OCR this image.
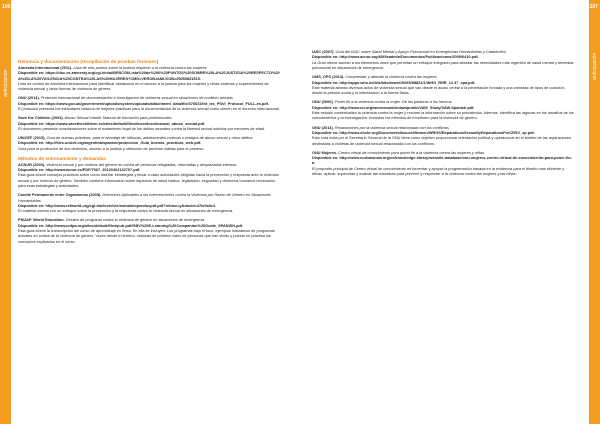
106
anticipación
107
anticipación
Denuncia y documentación (recopilación de pruebas forenses)

Amnistía Internacional (2011). Lista de seis puntos sobre la justicia respecto a la violencia contra las mujeres.

Disponible en: https://doc.es.amnesty.org/cgi-bin/ai/BRSCGI/Lista%20de%206%20PUNTOS%20SOBRE%20LA%20JUSTICIA%20RESPECTO%20A%20LA%20VIOLENCIA%20CONTRA%20LAS%20MUJERES?CMD=VEROBJ&MLKOB=29050831515.

Lista de control de Amnistía Internacional para identificar obstáculos en el acceso a la justicia para las mujeres y niñas víctimas y supervivientes de violencia sexual y otras formas de violencia de género.

ONU (2014). Protocolo internacional de documentación e investigación de violencia sexual en situaciones de conflicto armado.

Disponible en: https://www.gov.uk/government/uploads/system/uploads/attachment_data/file/376622/lnt_ies_PSVI_Protocol_FULL-es.pdf.

El protocolo presenta los estándares básicos de mejores prácticas para la documentación de la violencia sexual como crimen en el derecho internacional.

Save the Children (2004). Abuso Sexual Infantil: Manual de formación para profesionales.

Disponible en: https://www.savethechildren.es/sites/default/files/imce/docs/manual_abuso_sexual.pdf.

El documento presenta consideraciones sobre el tratamiento legal de los delitos sexuales contra la libertad sexual sufridos por menores de edad.

UNICEF (2015). Guía de buenas prácticas, para el abordaje de niños/as, adolescentes víctimas o testigos de abuso sexual y otros delitos.

Disponible en: http://files.unicef.org/argentina/spanish/proteccion_Guia_buenas_practicas_web.pdf.

Guía para la protección de sus derechos, acceso a la justicia y obtención de pruebas válidas para el proceso.

Métodos de entrenamiento y demandas

ACNUR (2003). Violencia sexual y por motivos del género en contra de personas refugiadas, retornadas y desplazadas internas.

Disponible en: http://www.acnur.es/PDF/7967_20120402132707.pdf.

Esta guía ofrece consejos prácticos sobre cómo diseñar estrategias y llevar a cabo actividades dirigidas hacia la prevención y respuesta ante la violencia sexual y por motivos de género. También contiene información sobre aspectos de salud básica, legislación, seguridad y derechos humanos necesarios para esas estrategias y actividades.

Comité Permanente entre Organismos (2005). Directrices Aplicables a las Intervenciones contra la Violencia por Razón de Género en Situaciones Humanitarias.

Disponible en: http://www.refworld.org/cgi-bin/texis/vtx/rwmain/opendocpdf.pdf?reldoc=y&docid=47fe0a3c2.

El material cuenta con un enfoque sobre la prevención y la respuesta contra la violencia sexual en situaciones de emergencia.

PNUAP. World Education. Gestión de programa contra la violencia de género en situaciones de emergencia.

Disponible en: http://www.unfpa.org/sites/default/files/pub-pdf/GBV%20E-Learning%20Companion%20Guide_SPANISH.pdf.

Esta guía ofrece la transcripción del curso de aprendizaje en línea. En ella se incluyen: Los programas bajo el foco, ejemplos ilustrativos de programas actuales en contra de la violencia de género. Voces desde el terreno, crónicas de primera mano de personas que han vivido y puesto en práctica los conceptos explicados en el curso.

IASC (2007). Guía del IASC sobre Salud Mental y Apoyo Psicosocial en Emergencias Humanitarias y Catástrofes.

Disponible en: http://www.acnur.org/t3/fileadmin/Documentos/Publicaciones/2009/6410.pdf.

La Guía ofrece acceso a los elementos clave que permitan un enfoque integrado para abordar las necesidades más urgentes de salud mental y bienestar psicosocial en situaciones de emergencia.

OMS, OPS (2013). Comprender y abordar la violencia contra las mujeres.

Disponible en: http://apps.who.int/iris/bitstream/10665/98821/1/WHO_RHR_12.37_spa.pdf.

Este material aborda diversos actos de violencia sexual que van desde el acoso verbal a la penetración forzada y una variedad de tipos de coacción, desde la presión social y la intimidación a la fuerza física.

ONU (2006). Poner fin a la violencia contra la mujer. De las palabras a los hechos.

Disponible en: http://www.un.org/womenwatch/daw/public/VAW_Study/VAW-Spanish.pdf.

Este estudio contextualiza la violencia contra la mujer y resume la información sobre su prevalencia. Además, identifica las lagunas en los desafíos de los conocimientos y la investigación. Incluidos los métodos de monitoreo para la violencia de género.

ONU (2014). Reparaciones por la violencia sexual relacionada con los conflictos.

Disponible en: http://www.ohchr.org/Documents/Issues/Women/WRGS/ReparationsSexualityReparationsForCRSV_sp.pdf.

Esta nota insta por el Secretario General de la ONU tiene como objetivo proporcionar orientación política y operacional en el ámbito de las reparaciones destinadas a víctimas de violencia sexual relacionada con los conflictos.

ONU Mujeres. Centro virtual de conocimiento para poner fin a la violencia contra las mujeres y niñas.

Disponible en: http://www.endvawnow.org/es/knowledge-library/website-database/onu-mujeres-centro-virtual-de-conocimiento-para-poner-fin-a.

El propósito principal de Centro virtual de conocimiento es fomentar y apoyar la programación basada en la evidencia para el diseño más eficiente y eficaz, aplicar, supervisar y evaluar las iniciativas para prevenir y responder a la violencia contra las mujeres y las niñas.
